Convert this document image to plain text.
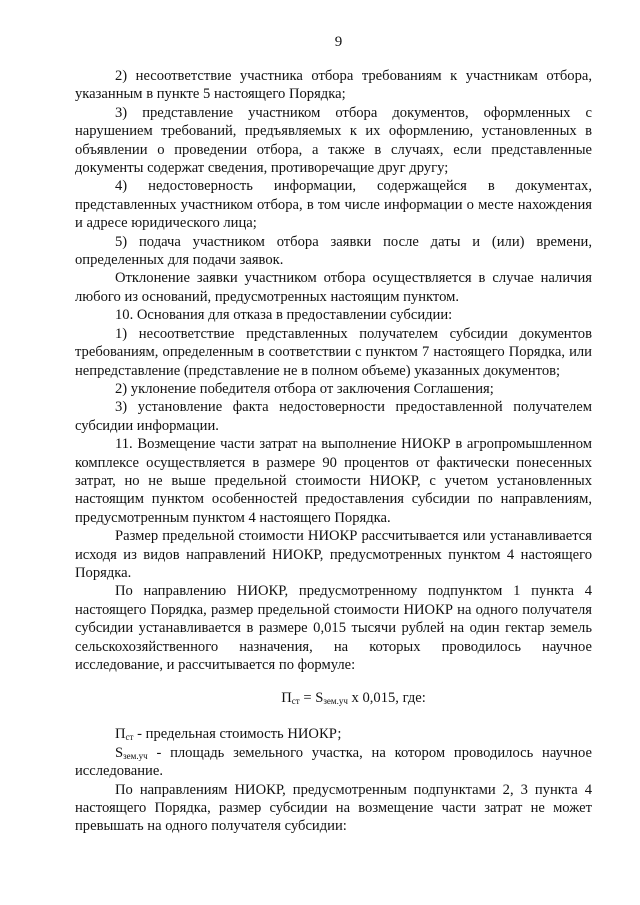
9

2) несоответствие участника отбора требованиям к участникам отбора, указанным в пункте 5 настоящего Порядка;

3) представление участником отбора документов, оформленных с нарушением требований, предъявляемых к их оформлению, установленных в объявлении о проведении отбора, а также в случаях, если представленные документы содержат сведения, противоречащие друг другу;

4) недостоверность информации, содержащейся в документах, представленных участником отбора, в том числе информации о месте нахождения и адресе юридического лица;

5) подача участником отбора заявки после даты и (или) времени, определенных для подачи заявок.

Отклонение заявки участником отбора осуществляется в случае наличия любого из оснований, предусмотренных настоящим пунктом.

10. Основания для отказа в предоставлении субсидии:

1) несоответствие представленных получателем субсидии документов требованиям, определенным в соответствии с пунктом 7 настоящего Порядка, или непредставление (представление не в полном объеме) указанных документов;

2) уклонение победителя отбора от заключения Соглашения;

3) установление факта недостоверности предоставленной получателем субсидии информации.

11. Возмещение части затрат на выполнение НИОКР в агропромышленном комплексе осуществляется в размере 90 процентов от фактически понесенных затрат, но не выше предельной стоимости НИОКР, с учетом установленных настоящим пунктом особенностей предоставления субсидии по направлениям, предусмотренным пунктом 4 настоящего Порядка.

Размер предельной стоимости НИОКР рассчитывается или устанавливается исходя из видов направлений НИОКР, предусмотренных пунктом 4 настоящего Порядка.

По направлению НИОКР, предусмотренному подпунктом 1 пункта 4 настоящего Порядка, размер предельной стоимости НИОКР на одного получателя субсидии устанавливается в размере 0,015 тысячи рублей на один гектар земель сельскохозяйственного назначения, на которых проводилось научное исследование, и рассчитывается по формуле:

$П_{ст} = S_{зем.уч}$ х 0,015, где:

$П_{ст}$ - предельная стоимость НИОКР;

$S_{зем.уч}$ - площадь земельного участка, на котором проводилось научное исследование.

По направлениям НИОКР, предусмотренным подпунктами 2, 3 пункта 4 настоящего Порядка, размер субсидии на возмещение части затрат не может превышать на одного получателя субсидии:
